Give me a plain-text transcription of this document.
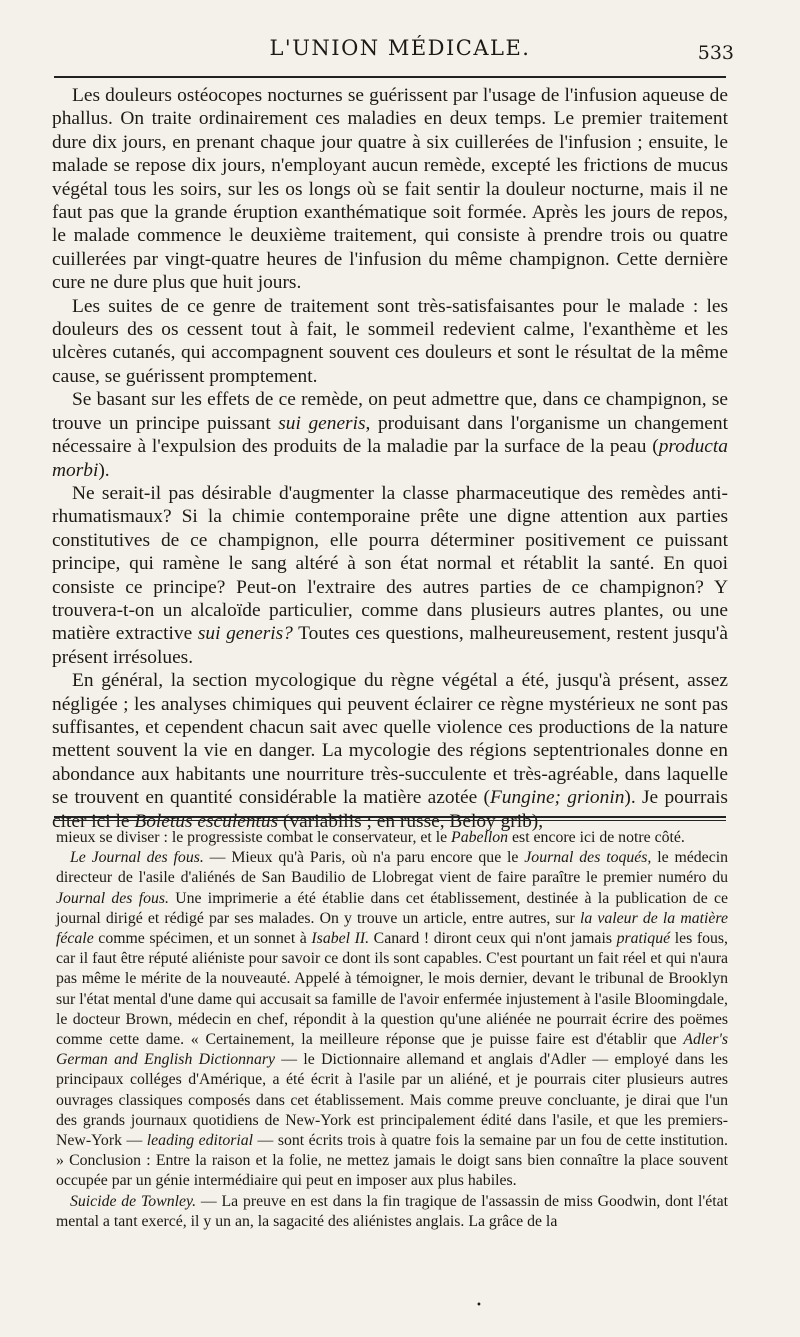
L'UNION MÉDICALE.	533

Les douleurs ostéocopes nocturnes se guérissent par l'usage de l'infusion aqueuse de phallus. On traite ordinairement ces maladies en deux temps. Le premier traitement dure dix jours, en prenant chaque jour quatre à six cuillerées de l'infusion ; ensuite, le malade se repose dix jours, n'employant aucun remède, excepté les frictions de mucus végétal tous les soirs, sur les os longs où se fait sentir la douleur nocturne, mais il ne faut pas que la grande éruption exanthématique soit formée. Après les jours de repos, le malade commence le deuxième traitement, qui consiste à prendre trois ou quatre cuillerées par vingt-quatre heures de l'infusion du même champignon. Cette dernière cure ne dure plus que huit jours.

Les suites de ce genre de traitement sont très-satisfaisantes pour le malade : les douleurs des os cessent tout à fait, le sommeil redevient calme, l'exanthème et les ulcères cutanés, qui accompagnent souvent ces douleurs et sont le résultat de la même cause, se guérissent promptement.

Se basant sur les effets de ce remède, on peut admettre que, dans ce champignon, se trouve un principe puissant sui generis, produisant dans l'organisme un changement nécessaire à l'expulsion des produits de la maladie par la surface de la peau (producta morbi).

Ne serait-il pas désirable d'augmenter la classe pharmaceutique des remèdes anti-rhumatismaux? Si la chimie contemporaine prête une digne attention aux parties constitutives de ce champignon, elle pourra déterminer positivement ce puissant principe, qui ramène le sang altéré à son état normal et rétablit la santé. En quoi consiste ce principe? Peut-on l'extraire des autres parties de ce champignon? Y trouvera-t-on un alcaloïde particulier, comme dans plusieurs autres plantes, ou une matière extractive sui generis? Toutes ces questions, malheureusement, restent jusqu'à présent irrésolues.

En général, la section mycologique du règne végétal a été, jusqu'à présent, assez négligée ; les analyses chimiques qui peuvent éclairer ce règne mystérieux ne sont pas suffisantes, et cependent chacun sait avec quelle violence ces productions de la nature mettent souvent la vie en danger. La mycologie des régions septentrionales donne en abondance aux habitants une nourriture très-succulente et très-agréable, dans laquelle se trouvent en quantité considérable la matière azotée (Fungine; grionin). Je pourrais citer ici le Boletus esculentus (variabilis ; en russe, Beloy grib),

mieux se diviser : le progressiste combat le conservateur, et le Pabellon est encore ici de notre côté.

Le Journal des fous. — Mieux qu'à Paris, où n'a paru encore que le Journal des toqués, le médecin directeur de l'asile d'aliénés de San Baudilio de Llobregat vient de faire paraître le premier numéro du Journal des fous. Une imprimerie a été établie dans cet établissement, destinée à la publication de ce journal dirigé et rédigé par ses malades. On y trouve un article, entre autres, sur la valeur de la matière fécale comme spécimen, et un sonnet à Isabel II. Canard ! diront ceux qui n'ont jamais pratiqué les fous, car il faut être réputé aliéniste pour savoir ce dont ils sont capables. C'est pourtant un fait réel et qui n'aura pas même le mérite de la nouveauté. Appelé à témoigner, le mois dernier, devant le tribunal de Brooklyn sur l'état mental d'une dame qui accusait sa famille de l'avoir enfermée injustement à l'asile Bloomingdale, le docteur Brown, médecin en chef, répondit à la question qu'une aliénée ne pourrait écrire des poëmes comme cette dame. « Certainement, la meilleure réponse que je puisse faire est d'établir que Adler's German and English Dictionnary — le Dictionnaire allemand et anglais d'Adler — employé dans les principaux colléges d'Amérique, a été écrit à l'asile par un aliéné, et je pourrais citer plusieurs autres ouvrages classiques composés dans cet établissement. Mais comme preuve concluante, je dirai que l'un des grands journaux quotidiens de New-York est principalement édité dans l'asile, et que les premiers-New-York — leading editorial — sont écrits trois à quatre fois la semaine par un fou de cette institution. » Conclusion : Entre la raison et la folie, ne mettez jamais le doigt sans bien connaître la place souvent occupée par un génie intermédiaire qui peut en imposer aux plus habiles.

Suicide de Townley. — La preuve en est dans la fin tragique de l'assassin de miss Goodwin, dont l'état mental a tant exercé, il y un an, la sagacité des aliénistes anglais. La grâce de la

•
